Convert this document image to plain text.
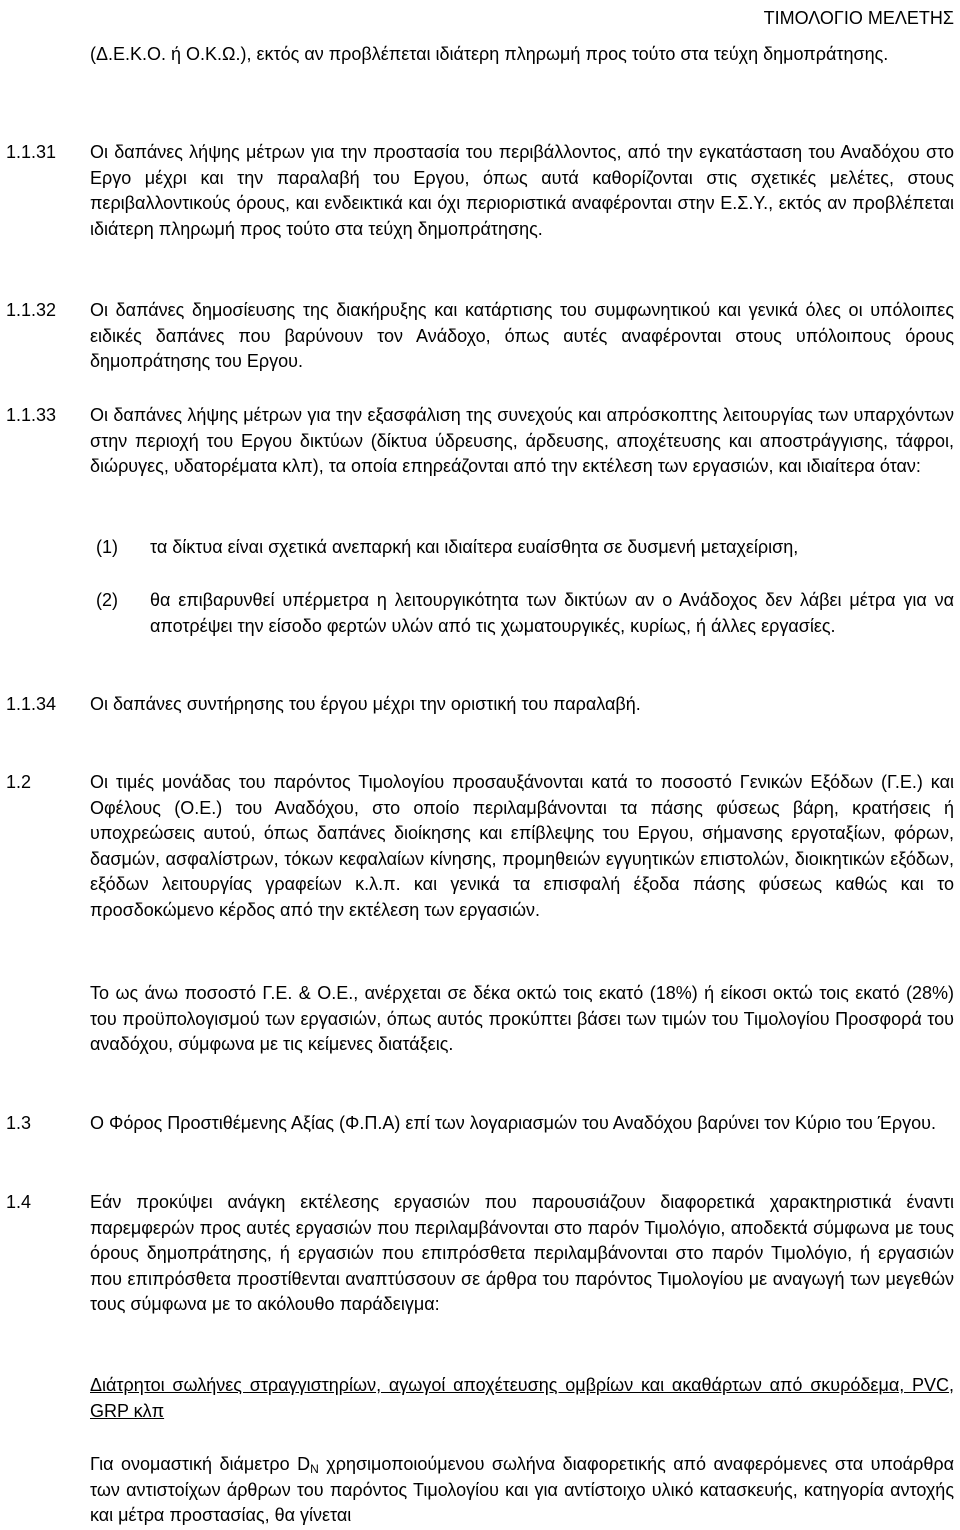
ΤΙΜΟΛΟΓΙΟ ΜΕΛΕΤΗΣ
(Δ.Ε.Κ.Ο. ή Ο.Κ.Ω.), εκτός αν προβλέπεται ιδιάτερη πληρωμή προς τούτο στα τεύχη δημοπράτησης.
1.1.31 Οι δαπάνες λήψης μέτρων για την προστασία του περιβάλλοντος, από την εγκατάσταση του Αναδόχου στο Εργο μέχρι και την παραλαβή του Εργου, όπως αυτά καθορίζονται στις σχετικές μελέτες, στους περιβαλλοντικούς όρους, και ενδεικτικά και όχι περιοριστικά αναφέρονται στην Ε.Σ.Υ., εκτός αν προβλέπεται ιδιάτερη πληρωμή προς τούτο στα τεύχη δημοπράτησης.
1.1.32 Οι δαπάνες δημοσίευσης της διακήρυξης και κατάρτισης του συμφωνητικού και γενικά όλες οι υπόλοιπες ειδικές δαπάνες που βαρύνουν τον Ανάδοχο, όπως αυτές αναφέρονται στους υπόλοιπους όρους δημοπράτησης του Εργου.
1.1.33 Οι δαπάνες λήψης μέτρων για την εξασφάλιση της συνεχούς και απρόσκοπτης λειτουργίας των υπαρχόντων στην περιοχή του Εργου δικτύων (δίκτυα ύδρευσης, άρδευσης, αποχέτευσης και αποστράγγισης, τάφροι, διώρυγες, υδατορέματα κλπ), τα οποία επηρεάζονται από την εκτέλεση των εργασιών, και ιδιαίτερα όταν:
(1) τα δίκτυα είναι σχετικά ανεπαρκή και ιδιαίτερα ευαίσθητα σε δυσμενή μεταχείριση,
(2) θα επιβαρυνθεί υπέρμετρα η λειτουργικότητα των δικτύων αν ο Ανάδοχος δεν λάβει μέτρα για να αποτρέψει την είσοδο φερτών υλών από τις χωματουργικές, κυρίως, ή άλλες εργασίες.
1.1.34 Οι δαπάνες συντήρησης του έργου μέχρι την οριστική του παραλαβή.
1.2	Οι τιμές μονάδας του παρόντος Τιμολογίου προσαυξάνονται κατά το ποσοστό Γενικών Εξόδων (Γ.Ε.) και Οφέλους (Ο.Ε.) του Αναδόχου, στο οποίο περιλαμβάνονται τα πάσης φύσεως βάρη, κρατήσεις ή υποχρεώσεις αυτού, όπως δαπάνες διοίκησης και επίβλεψης του Εργου, σήμανσης εργοταξίων, φόρων, δασμών, ασφαλίστρων, τόκων κεφαλαίων κίνησης, προμηθειών εγγυητικών επιστολών, διοικητικών εξόδων, εξόδων λειτουργίας γραφείων κ.λ.π. και γενικά τα επισφαλή έξοδα πάσης φύσεως καθώς και το προσδοκώμενο κέρδος από την εκτέλεση των εργασιών.
Το ως άνω ποσοστό Γ.Ε. & Ο.Ε., ανέρχεται σε δέκα οκτώ τοις εκατό (18%) ή είκοσι οκτώ τοις εκατό (28%) του προϋπολογισμού των εργασιών, όπως αυτός προκύπτει βάσει των τιμών του Τιμολογίου Προσφορά του αναδόχου, σύμφωνα με τις κείμενες διατάξεις.
1.3	Ο Φόρος Προστιθέμενης Αξίας (Φ.Π.Α) επί των λογαριασμών του Αναδόχου βαρύνει τον Κύριο του Έργου.
1.4	Εάν προκύψει ανάγκη εκτέλεσης εργασιών που παρουσιάζουν διαφορετικά χαρακτηριστικά έναντι παρεμφερών προς αυτές εργασιών που περιλαμβάνονται στο παρόν Τιμολόγιο, αποδεκτά σύμφωνα με τους όρους δημοπράτησης, ή εργασιών που επιπρόσθετα περιλαμβάνονται στο παρόν Τιμολόγιο, ή εργασιών που επιπρόσθετα προστίθενται αναπτύσσουν σε άρθρα του παρόντος Τιμολογίου με αναγωγή των μεγεθών τους σύμφωνα με το ακόλουθο παράδειγμα:
Διάτρητοι σωλήνες στραγγιστηρίων, αγωγοί αποχέτευσης ομβρίων και ακαθάρτων από σκυρόδεμα, PVC, GRP κλπ
Για ονομαστική διάμετρο $D_N$ χρησιμοποιούμενου σωλήνα διαφορετικής από αναφερόμενες στα υποάρθρα των αντιστοίχων άρθρων του παρόντος Τιμολογίου και για αντίστοιχο υλικό κατασκευής, κατηγορία αντοχής και μέτρα προστασίας, θα γίνεται
